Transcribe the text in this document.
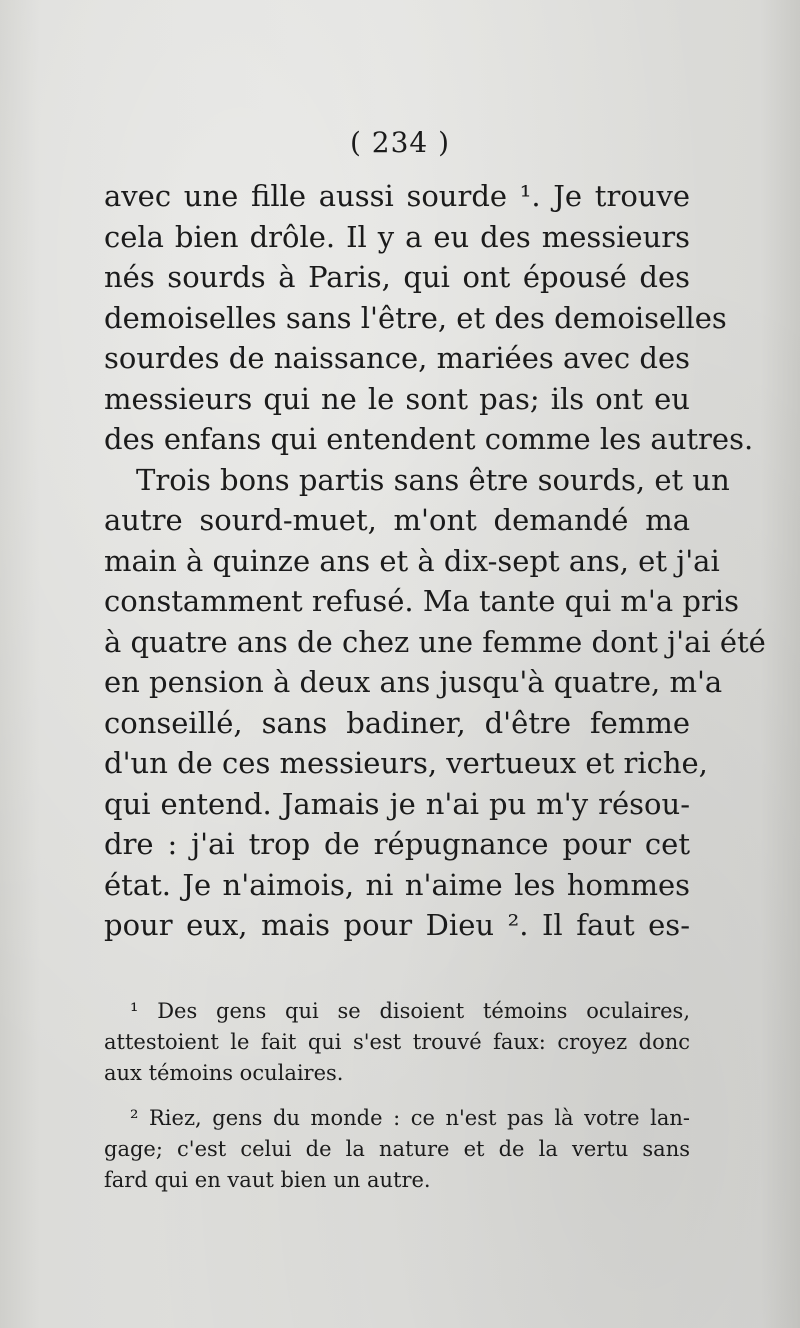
( 234 )
avec une fille aussi sourde ¹. Je trouve
cela bien drôle. Il y a eu des messieurs
nés sourds à Paris, qui ont épousé des
demoiselles sans l'être, et des demoiselles
sourdes de naissance, mariées avec des
messieurs qui ne le sont pas; ils ont eu
des enfans qui entendent comme les autres.
Trois bons partis sans être sourds, et un
autre sourd-muet, m'ont demandé ma
main à quinze ans et à dix-sept ans, et j'ai
constamment refusé. Ma tante qui m'a pris
à quatre ans de chez une femme dont j'ai été
en pension à deux ans jusqu'à quatre, m'a
conseillé, sans badiner, d'être femme
d'un de ces messieurs, vertueux et riche,
qui entend. Jamais je n'ai pu m'y résou-
dre : j'ai trop de répugnance pour cet
état. Je n'aimois, ni n'aime les hommes
pour eux, mais pour Dieu ². Il faut es-
¹ Des gens qui se disoient témoins oculaires,
attestoient le fait qui s'est trouvé faux: croyez donc
aux témoins oculaires.
² Riez, gens du monde : ce n'est pas là votre lan-
gage; c'est celui de la nature et de la vertu sans
fard qui en vaut bien un autre.
